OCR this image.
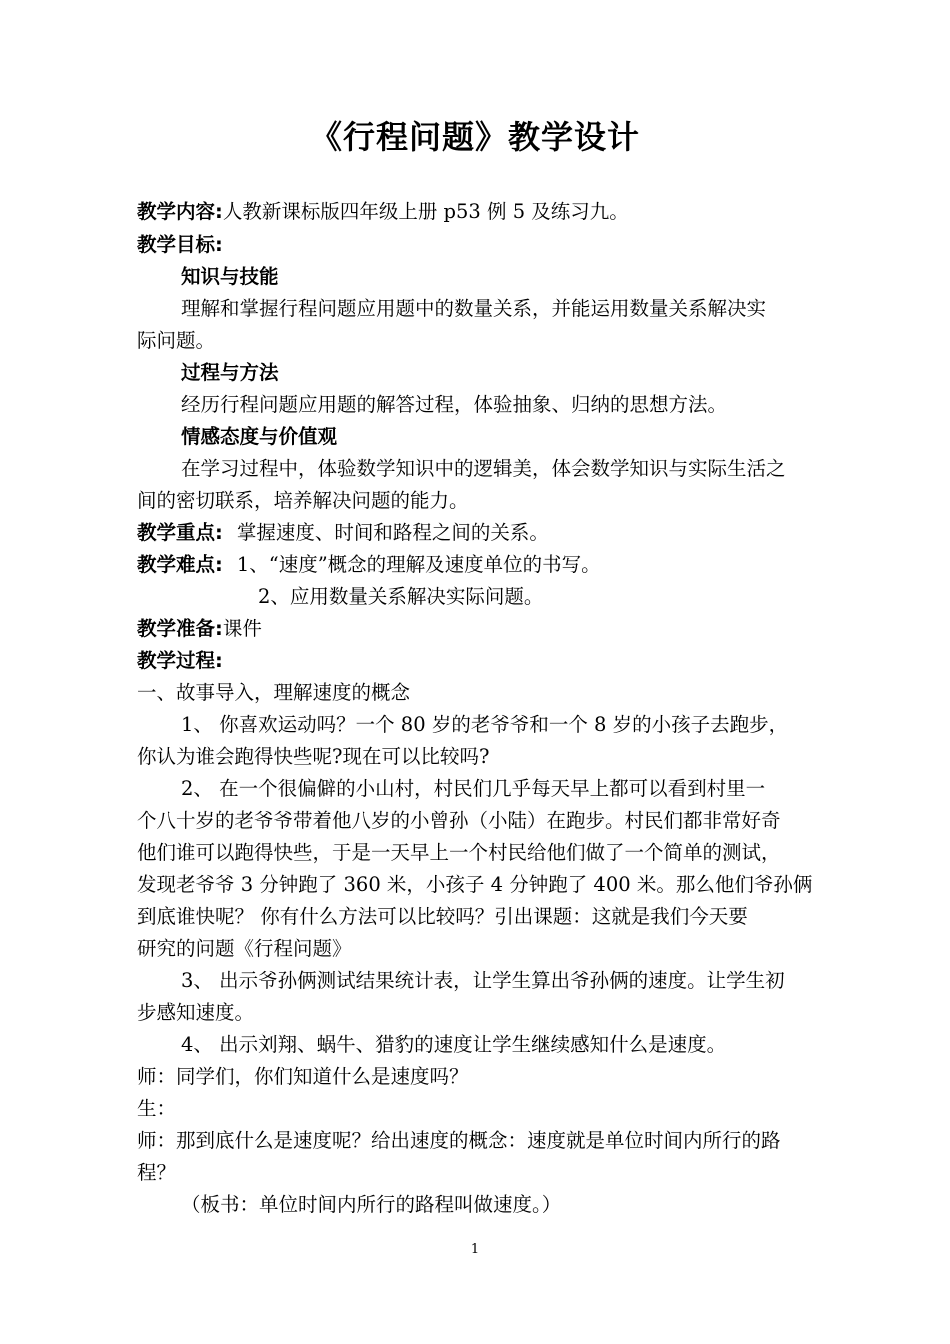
《行程问题》教学设计
教学内容:人教新课标版四年级上册 p53 例 5 及练习九。
教学目标:
知识与技能
理解和掌握行程问题应用题中的数量关系，并能运用数量关系解决实
际问题。
过程与方法
经历行程问题应用题的解答过程，体验抽象、归纳的思想方法。
情感态度与价值观
在学习过程中，体验数学知识中的逻辑美，体会数学知识与实际生活之
间的密切联系，培养解决问题的能力。
教学重点: 掌握速度、时间和路程之间的关系。
教学难点: 1、“速度”概念的理解及速度单位的书写。
2、应用数量关系解决实际问题。
教学准备:课件
教学过程:
一、故事导入，理解速度的概念
1、 你喜欢运动吗？一个 80 岁的老爷爷和一个 8 岁的小孩子去跑步，
你认为谁会跑得快些呢?现在可以比较吗?
2、 在一个很偏僻的小山村，村民们几乎每天早上都可以看到村里一
个八十岁的老爷爷带着他八岁的小曾孙（小陆）在跑步。村民们都非常好奇
他们谁可以跑得快些，于是一天早上一个村民给他们做了一个简单的测试，
发现老爷爷 3 分钟跑了 360 米，小孩子 4 分钟跑了 400 米。那么他们爷孙俩
到底谁快呢？ 你有什么方法可以比较吗？引出课题：这就是我们今天要
研究的问题《行程问题》
3、 出示爷孙俩测试结果统计表，让学生算出爷孙俩的速度。让学生初
步感知速度。
4、 出示刘翔、蜗牛、猎豹的速度让学生继续感知什么是速度。
师：同学们，你们知道什么是速度吗？
生：
师：那到底什么是速度呢？给出速度的概念：速度就是单位时间内所行的路
程？
（板书：单位时间内所行的路程叫做速度。）
1
